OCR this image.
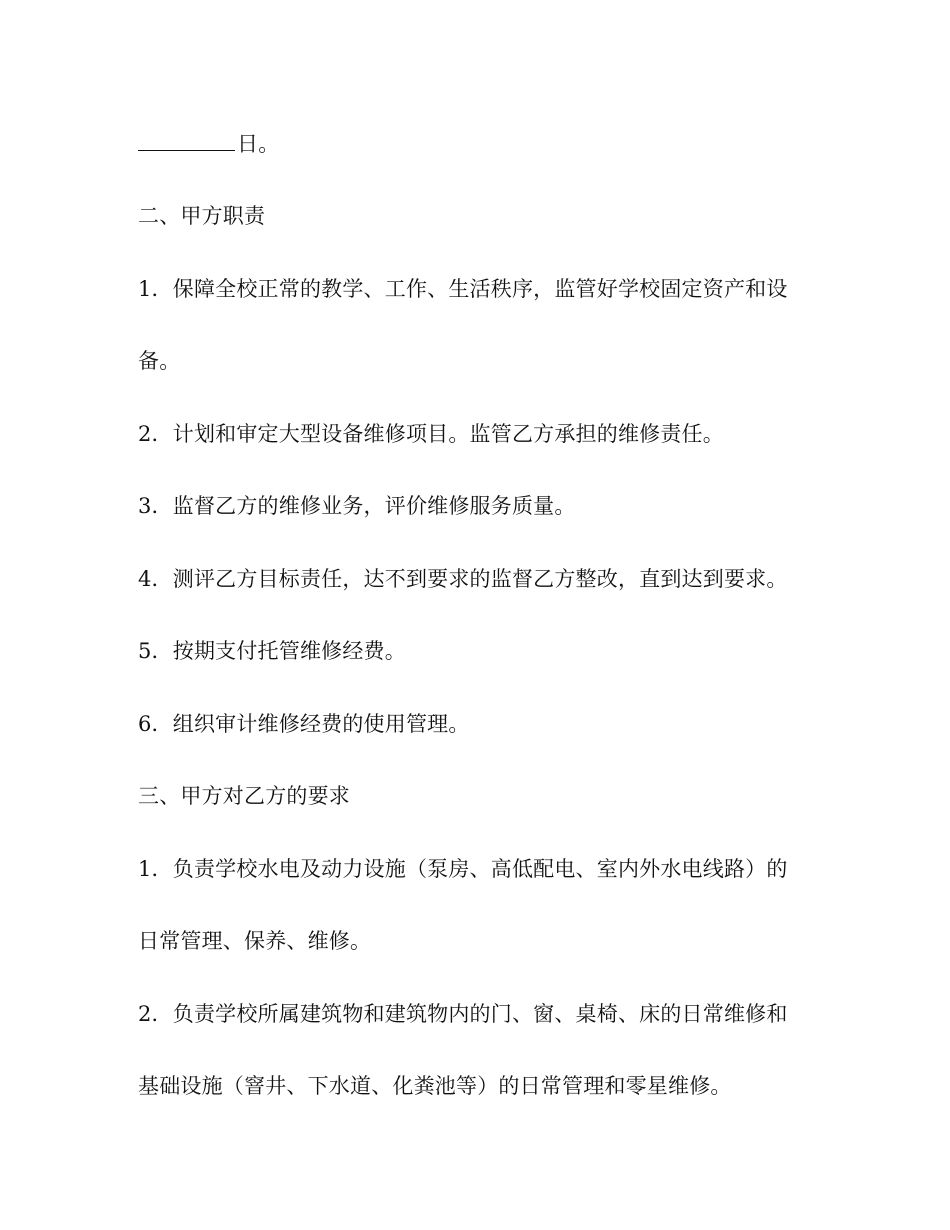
日。
二、甲方职责
1．保障全校正常的教学、工作、生活秩序，监管好学校固定资产和设
备。
2．计划和审定大型设备维修项目。监管乙方承担的维修责任。
3．监督乙方的维修业务，评价维修服务质量。
4．测评乙方目标责任，达不到要求的监督乙方整改，直到达到要求。
5．按期支付托管维修经费。
6．组织审计维修经费的使用管理。
三、甲方对乙方的要求
1．负责学校水电及动力设施（泵房、高低配电、室内外水电线路）的
日常管理、保养、维修。
2．负责学校所属建筑物和建筑物内的门、窗、桌椅、床的日常维修和
基础设施（窨井、下水道、化粪池等）的日常管理和零星维修。
